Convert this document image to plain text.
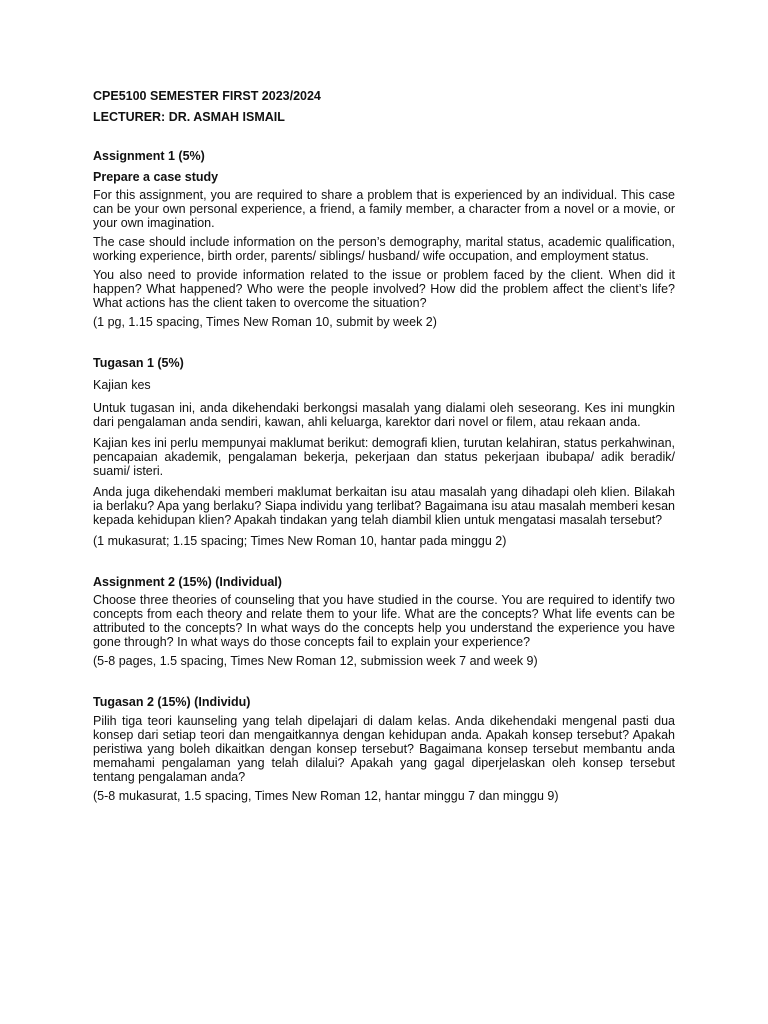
CPE5100 SEMESTER FIRST 2023/2024
LECTURER: DR. ASMAH ISMAIL
Assignment 1 (5%)
Prepare a case study

For this assignment, you are required to share a problem that is experienced by an individual. This case can be your own personal experience, a friend, a family member, a character from a novel or a movie, or your own imagination.

The case should include information on the person’s demography, marital status, academic qualification, working experience, birth order, parents/ siblings/ husband/ wife occupation, and employment status.

You also need to provide information related to the issue or problem faced by the client. When did it happen? What happened? Who were the people involved? How did the problem affect the client’s life? What actions has the client taken to overcome the situation?

(1 pg, 1.15 spacing, Times New Roman 10, submit by week 2)

Tugasan 1 (5%)
Kajian kes

Untuk tugasan ini, anda dikehendaki berkongsi masalah yang dialami oleh seseorang. Kes ini mungkin dari pengalaman anda sendiri, kawan, ahli keluarga, karektor dari novel or filem, atau rekaan anda.

Kajian kes ini perlu mempunyai maklumat berikut: demografi klien, turutan kelahiran, status perkahwinan, pencapaian akademik, pengalaman bekerja, pekerjaan dan status pekerjaan ibubapa/ adik beradik/ suami/ isteri.

Anda juga dikehendaki memberi maklumat berkaitan isu atau masalah yang dihadapi oleh klien. Bilakah ia berlaku? Apa yang berlaku? Siapa individu yang terlibat? Bagaimana isu atau masalah memberi kesan kepada kehidupan klien? Apakah tindakan yang telah diambil klien untuk mengatasi masalah tersebut?

(1 mukasurat; 1.15 spacing; Times New Roman 10, hantar pada minggu 2)

Assignment 2 (15%) (Individual)

Choose three theories of counseling that you have studied in the course. You are required to identify two concepts from each theory and relate them to your life. What are the concepts? What life events can be attributed to the concepts? In what ways do the concepts help you understand the experience you have gone through? In what ways do those concepts fail to explain your experience?

(5-8 pages, 1.5 spacing, Times New Roman 12, submission week 7 and week 9)

Tugasan 2 (15%) (Individu)

Pilih tiga teori kaunseling yang telah dipelajari di dalam kelas. Anda dikehendaki mengenal pasti dua konsep dari setiap teori dan mengaitkannya dengan kehidupan anda. Apakah konsep tersebut? Apakah peristiwa yang boleh dikaitkan dengan konsep tersebut? Bagaimana konsep tersebut membantu anda memahami pengalaman yang telah dilalui? Apakah yang gagal diperjelaskan oleh konsep tersebut tentang pengalaman anda?

(5-8 mukasurat, 1.5 spacing, Times New Roman 12, hantar minggu 7 dan minggu 9)
